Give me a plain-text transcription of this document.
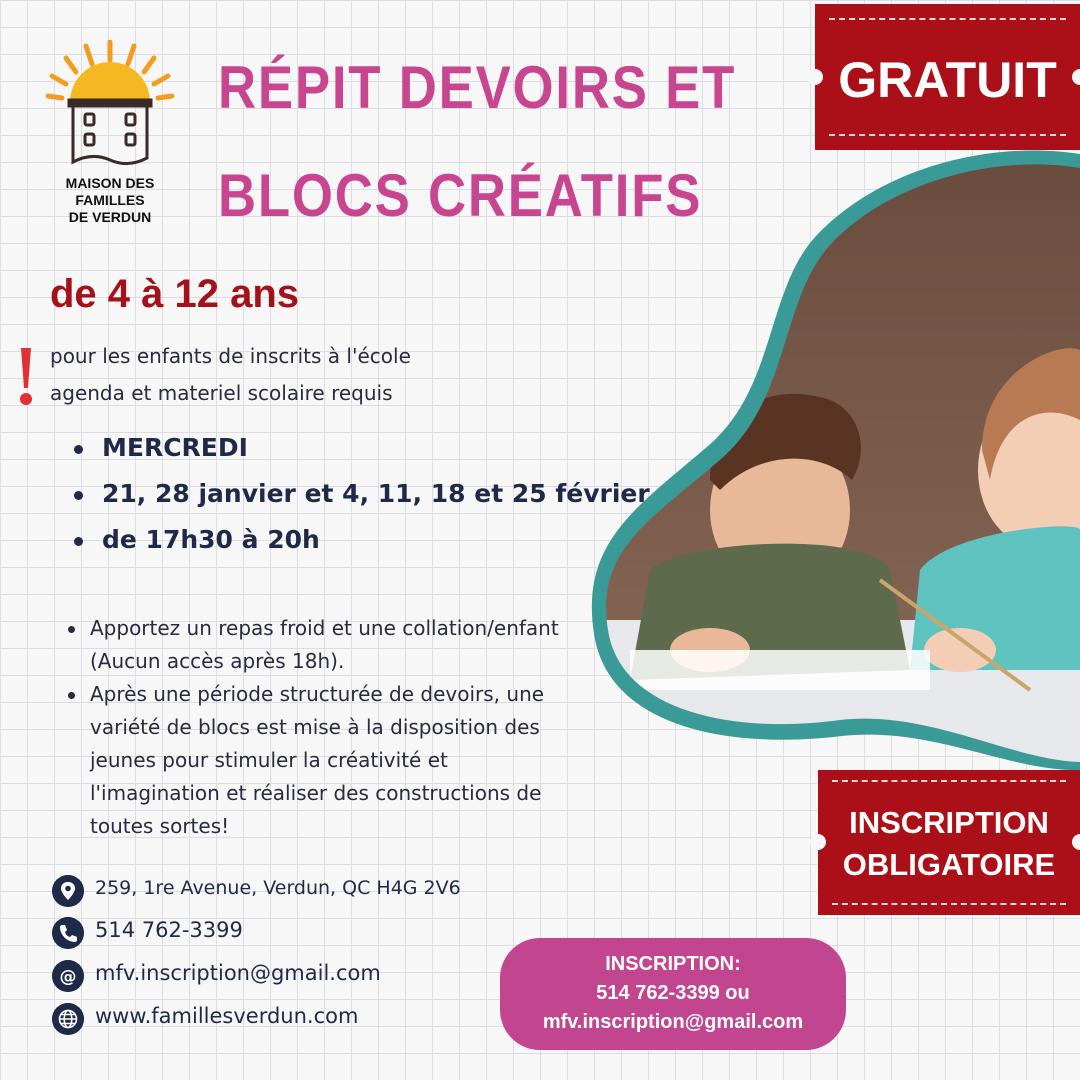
MAISON DES
FAMILLES
DE VERDUN
RÉPIT DEVOIRS ET
BLOCS CRÉATIFS
GRATUIT
de 4 à 12 ans
pour les enfants de inscrits à l'école
agenda et materiel scolaire requis
MERCREDI
21, 28 janvier et 4, 11, 18 et 25 février
de 17h30 à 20h
Apportez un repas froid et une collation/enfant (Aucun accès après 18h).
Après une période structurée de devoirs, une variété de blocs est mise à la disposition des jeunes pour stimuler la créativité et l'imagination et réaliser des constructions de toutes sortes!	INSCRIPTION
OBLIGATOIRE
259, 1re Avenue, Verdun, QC H4G 2V6
514 762-3399
@ mfv.inscription@gmail.com
www.famillesverdun.com
INSCRIPTION:
514 762-3399 ou
mfv.inscription@gmail.com
